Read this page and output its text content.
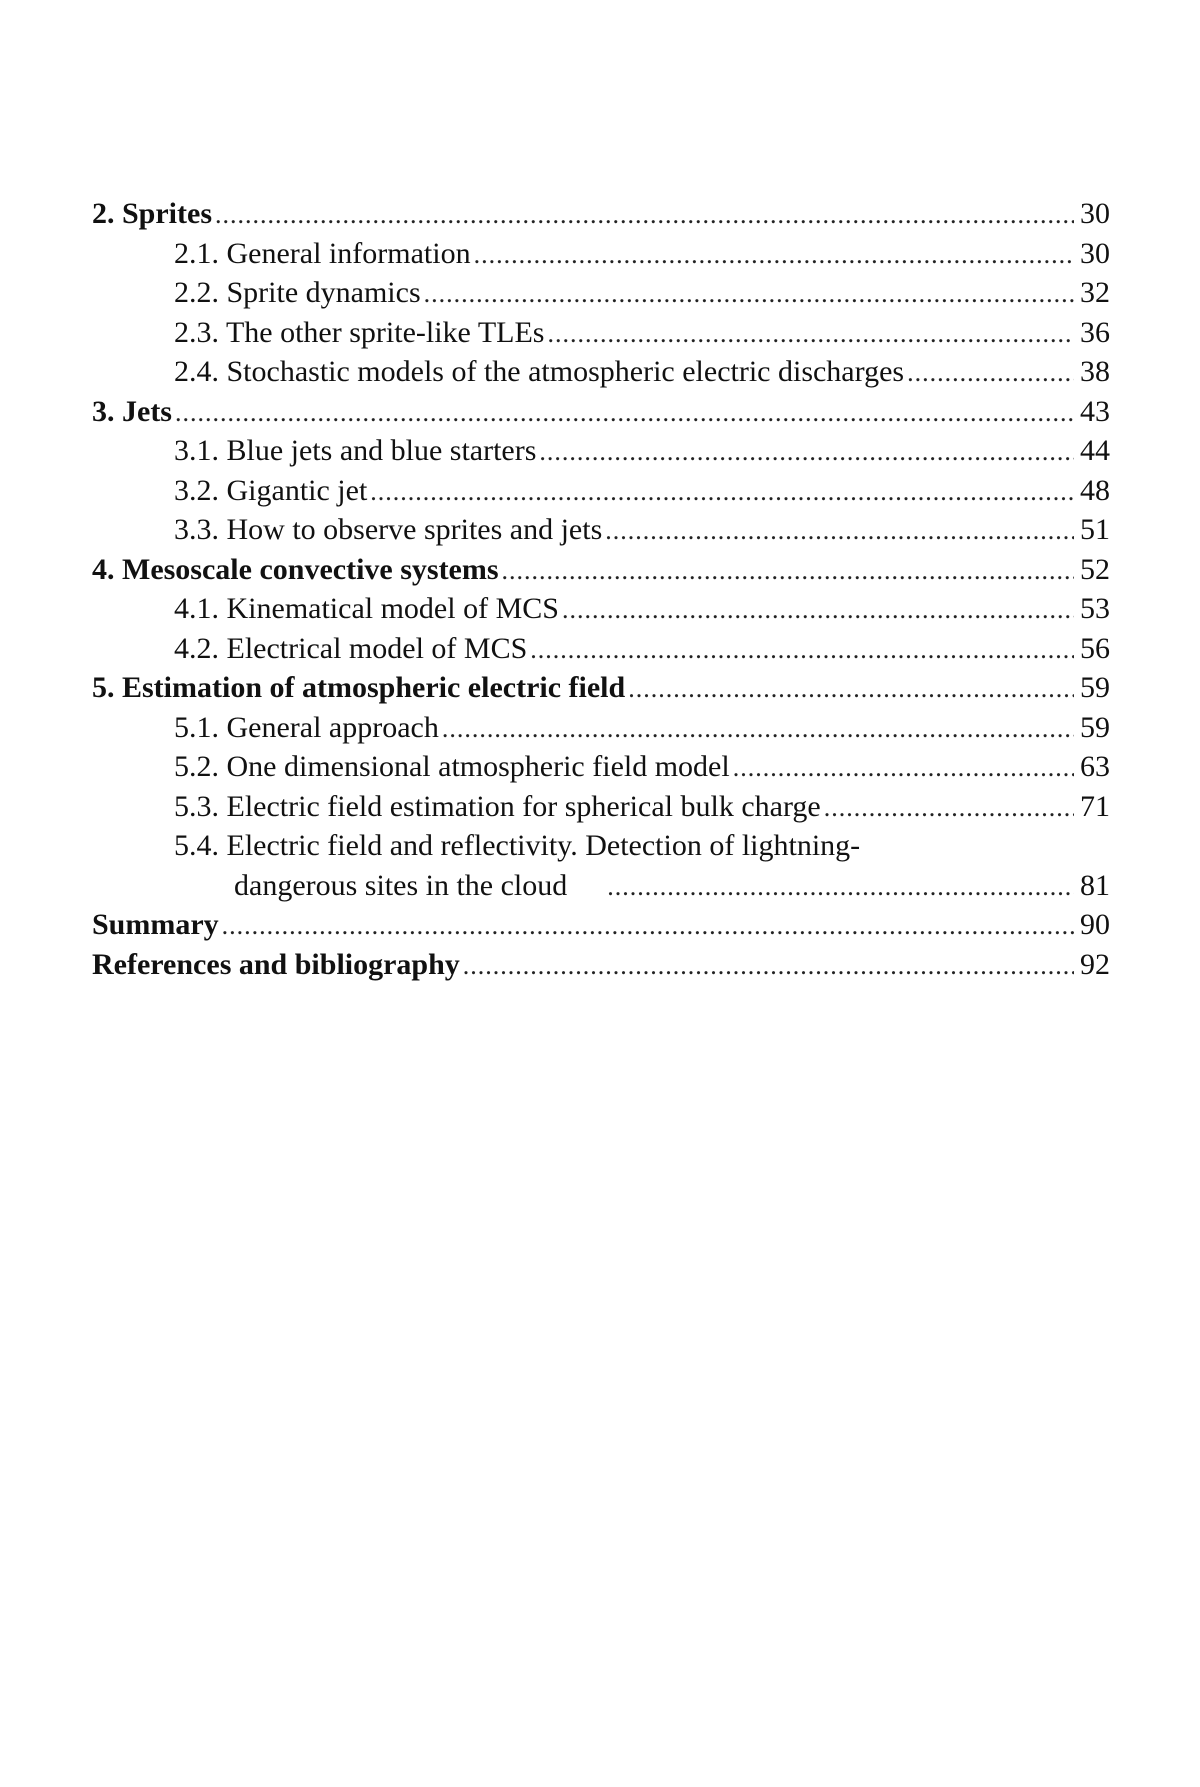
2. Sprites .....	30
2.1. General information .....	30
2.2. Sprite dynamics .....	32
2.3. The other sprite-like TLEs .....	36
2.4. Stochastic models of the atmospheric electric discharges .....	38
3. Jets .....	43
3.1. Blue jets and blue starters .....	44
3.2. Gigantic jet .....	48
3.3. How to observe sprites and jets .....	51
4. Mesoscale convective systems .....	52
4.1. Kinematical model of MCS .....	53
4.2. Electrical model of MCS .....	56
5. Estimation of atmospheric electric field .....	59
5.1. General approach .....	59
5.2. One dimensional atmospheric field model .....	63
5.3. Electric field estimation for spherical bulk charge .....	71
5.4. Electric field and reflectivity. Detection of lightning-
dangerous sites in the cloud .....	81
Summary .....	90
References and bibliography .....	92
